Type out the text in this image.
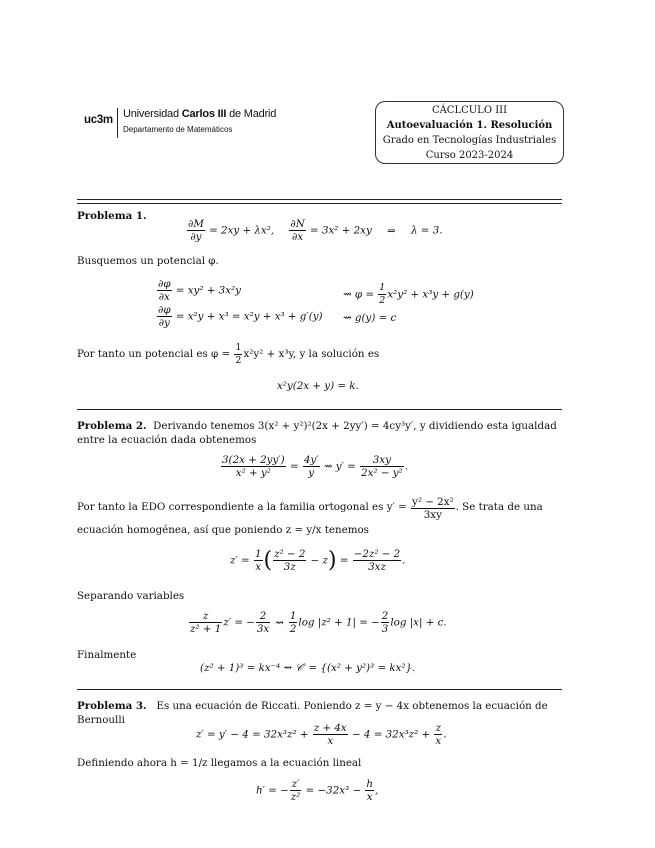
uc3m Universidad Carlos III de Madrid
Departamento de Matemáticos
CÁCLCULO III
Autoevaluación 1. Resolución
Grado en Tecnologías Industriales
Curso 2023-2024
Problema 1.
$\frac{\partial M}{\partial y} = 2xy + \lambda x^2$, $\frac{\partial N}{\partial x} = 3x^2 + 2xy$ ⇒ λ = 3.
Busquemos un potencial φ.
$\frac{\partial\varphi}{\partial x} = xy^2 + 3x^2y$	⇝ $\varphi = \frac{1}{2} x^2y^2 + x^3y + g(y)$
$\frac{\partial\varphi}{\partial y} = x^2y + x^3 = x^2y + x^3 + g'(y)$ ⇝ g(y) = c
Por tanto un potencial es $\varphi = \frac{1}{2} x^2y^2 + x^3y$, y la solución es
x²y(2x + y) = k.
Problema 2. Derivando tenemos 3(x² + y²)²(2x + 2yy′) = 4cy³y′, y dividiendo esta igualdad
entre la ecuación dada obtenemos
$\frac{3(2x + 2yy')}{\text{x² + y²}} = \frac{4y'}{y}$ ⇝ $y' = \frac{3xy}{\text{2x² − y²}}$ .
Por tanto la EDO correspondiente a la familia ortogonal es $y' = \frac{\text{y² − 2x²}}{3xy}$ . Se trata de una
ecuación homogénea, así que poniendo z = y/x tenemos
$z' = \frac{1}{x}$ ( $\frac{\text{z² − 2}}{3z} - z) = \frac{\text{−2z² − 2}}{3xz}$ .
Separando variables
$\frac{z}{\text{z² + 1}} z'$ = − $\frac{2}{3x}$ ⇝ $\frac{1}{2}$ log |z² + 1| = − $\frac{2}{3}$ log |x| + c.
Finalmente
(z² + 1)³ = kx⁻⁴ ⇝ 𝒞′ = {(x² + y²)³ = kx²}.
Problema 3. Es una ecuación de Riccati. Poniendo z = y − 4x obtenemos la ecuación de
Bernoulli
$z' = y' - 4 = 32x^3z^2 + \frac{z + 4x}{x} - 4 = 32x^3z^2 + \frac{z}{x}$ .
Definiendo ahora h = 1/z llegamos a la ecuación lineal
h′ = − $\frac{z'}{\text{z²}} = -32x^3 - \frac{h}{x}$ ,
